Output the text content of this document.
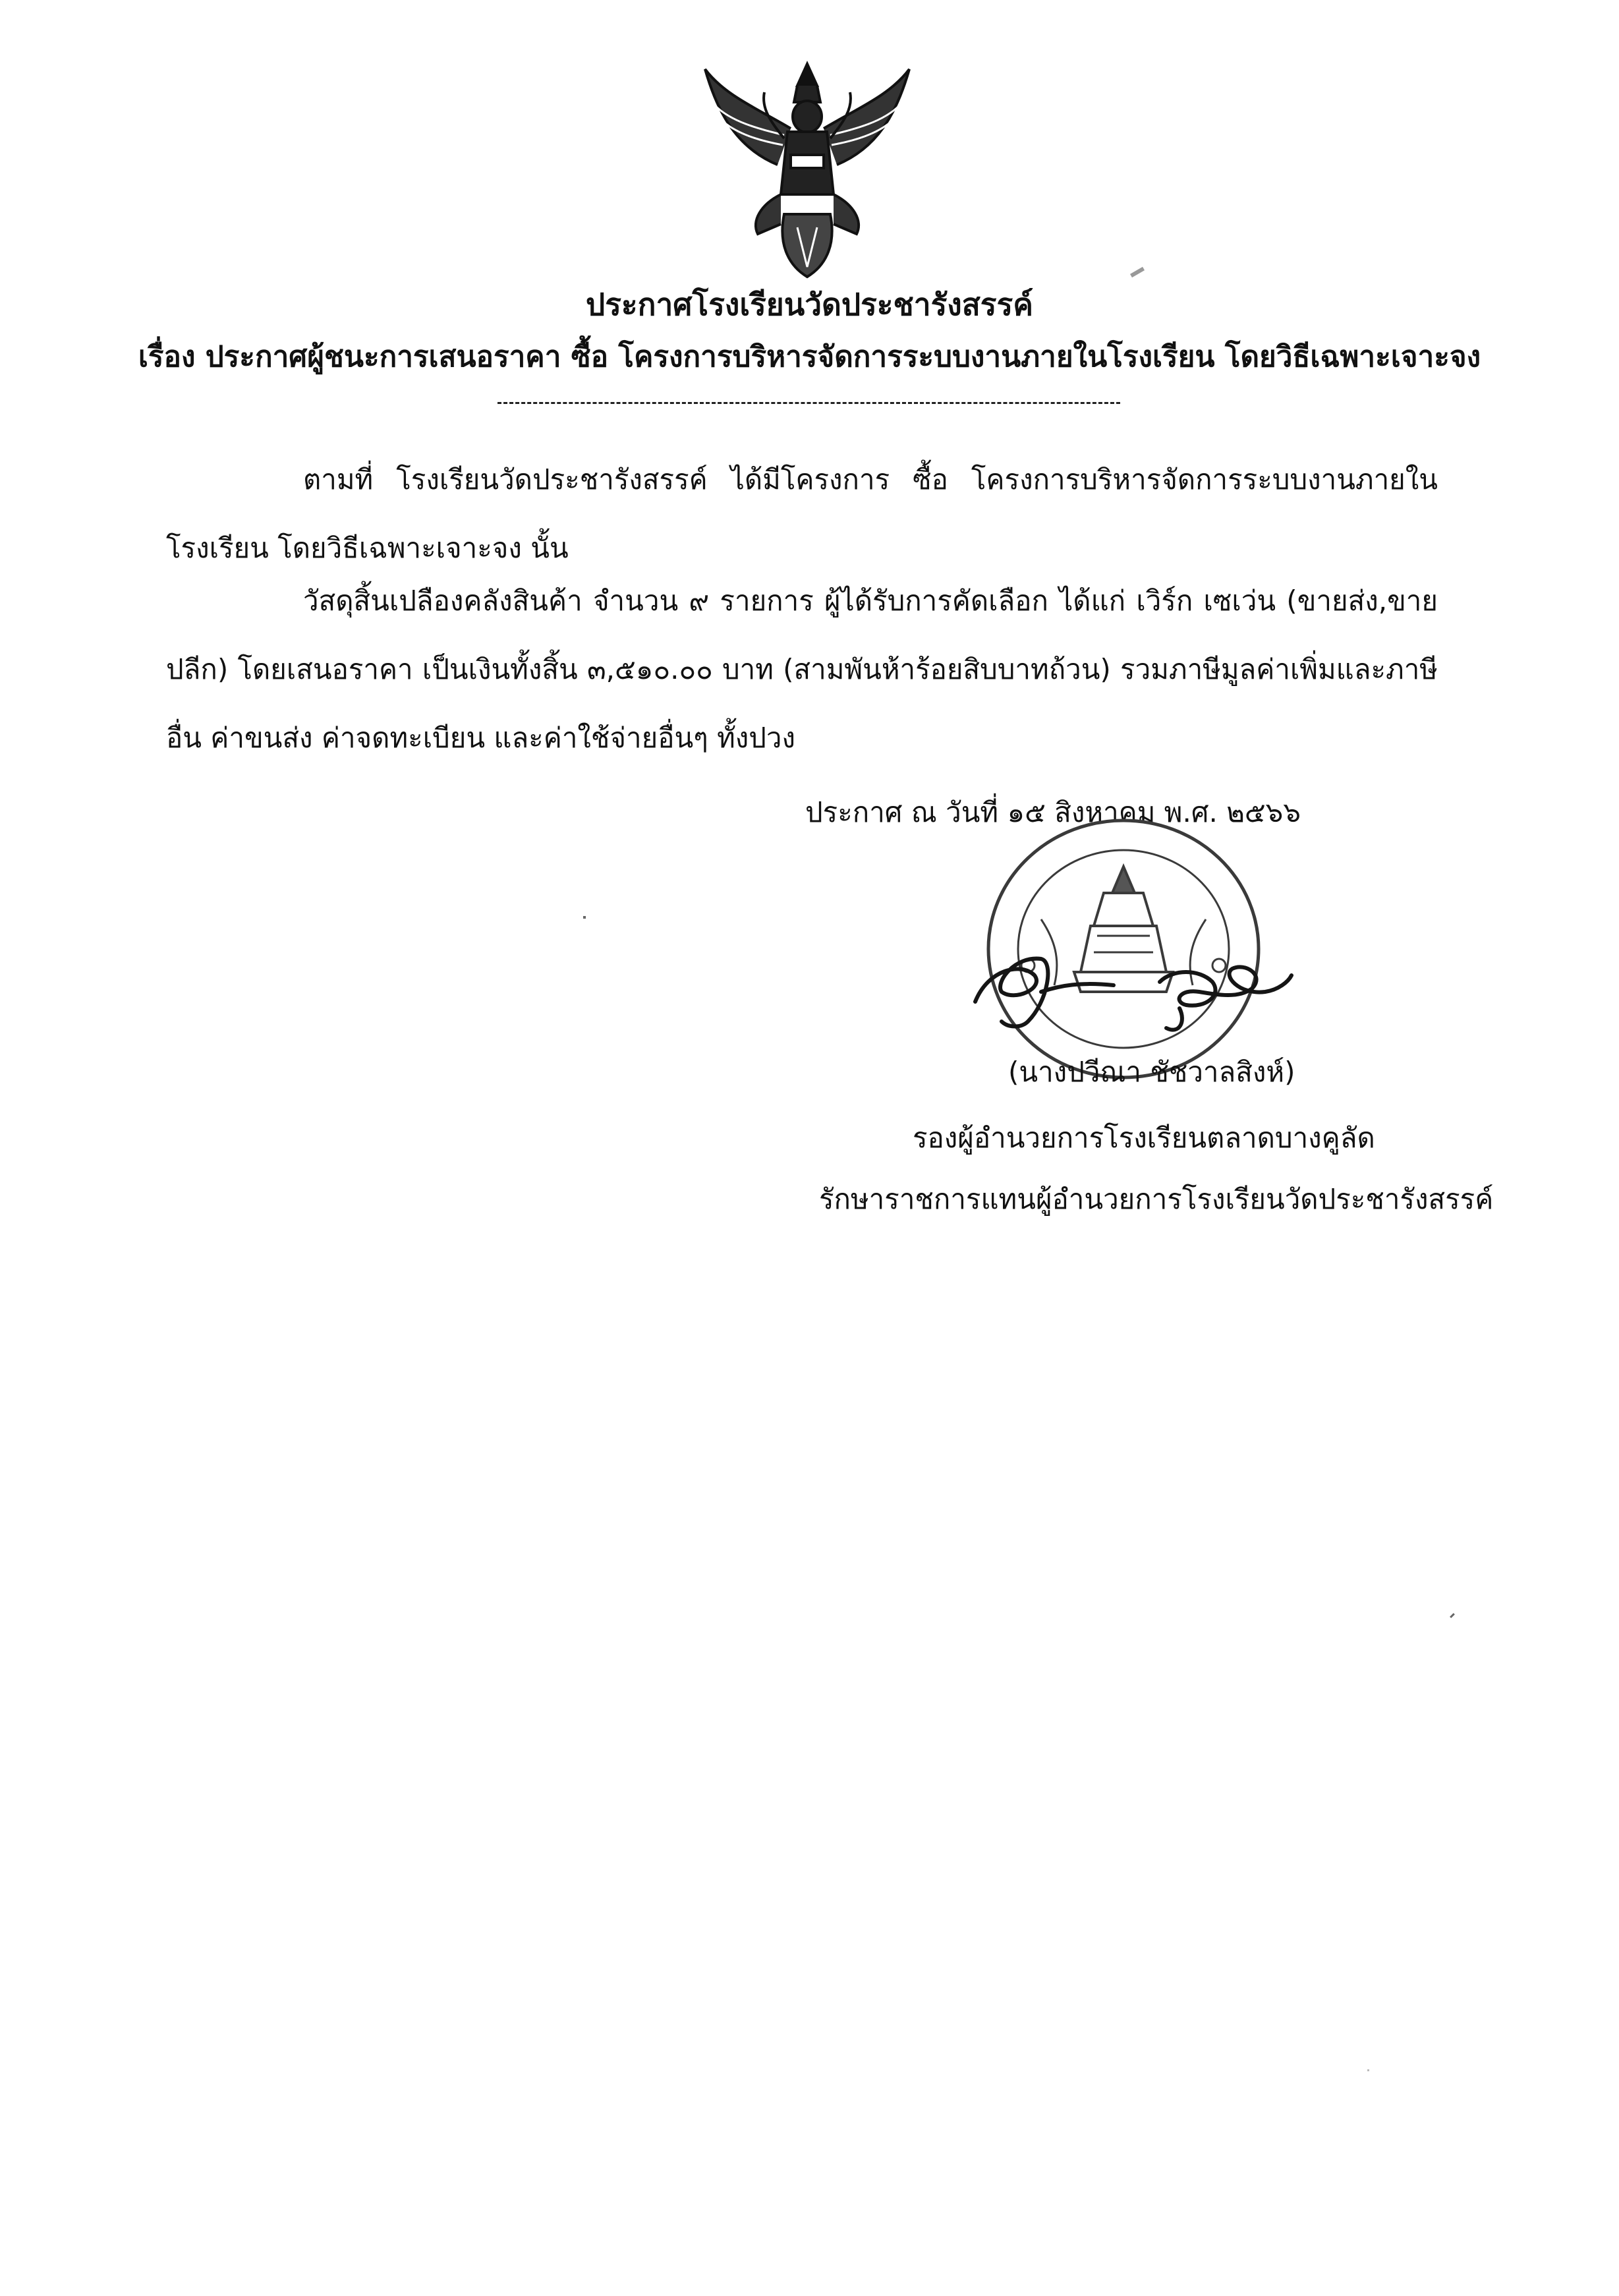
ประกาศโรงเรียนวัดประชารังสรรค์
เรื่อง ประกาศผู้ชนะการเสนอราคา ซื้อ โครงการบริหารจัดการระบบงานภายในโรงเรียน โดยวิธีเฉพาะเจาะจง
ตามที่ โรงเรียนวัดประชารังสรรค์ ได้มีโครงการ ซื้อ โครงการบริหารจัดการระบบงานภายในโรงเรียน โดยวิธีเฉพาะเจาะจง นั้น
วัสดุสิ้นเปลืองคลังสินค้า จำนวน ๙ รายการ ผู้ได้รับการคัดเลือก ได้แก่ เวิร์ก เซเว่น (ขายส่ง,ขายปลีก) โดยเสนอราคา เป็นเงินทั้งสิ้น ๓,๕๑๐.๐๐ บาท (สามพันห้าร้อยสิบบาทถ้วน) รวมภาษีมูลค่าเพิ่มและภาษีอื่น ค่าขนส่ง ค่าจดทะเบียน และค่าใช้จ่ายอื่นๆ ทั้งปวง
ประกาศ ณ วันที่ ๑๕ สิงหาคม พ.ศ. ๒๕๖๖
(นางปวีณา ชัชวาลสิงห์)
รองผู้อำนวยการโรงเรียนตลาดบางคูลัด
รักษาราชการแทนผู้อำนวยการโรงเรียนวัดประชารังสรรค์
